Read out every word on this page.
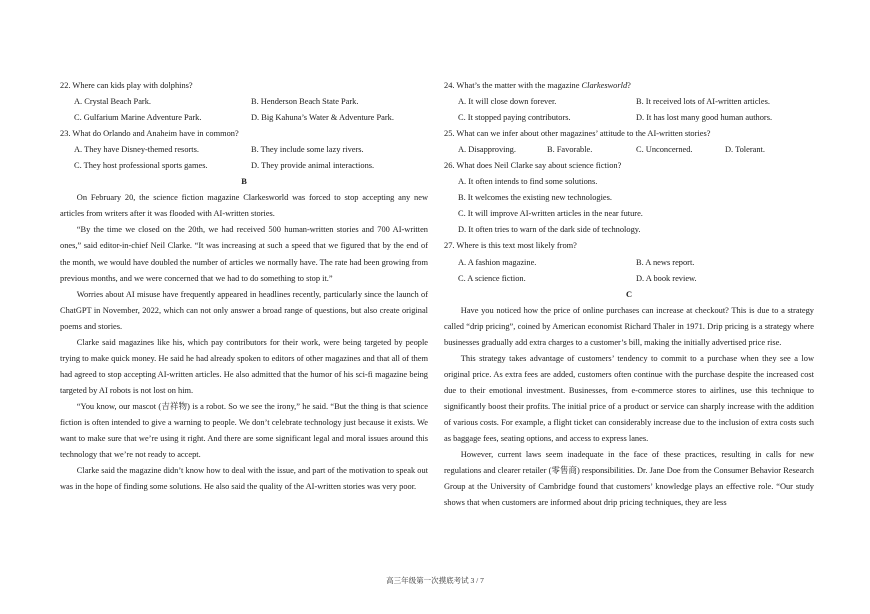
22. Where can kids play with dolphins?
A. Crystal Beach Park.	B. Henderson Beach State Park.
C. Gulfarium Marine Adventure Park.	D. Big Kahuna’s Water & Adventure Park.
23. What do Orlando and Anaheim have in common?
A. They have Disney-themed resorts.	B. They include some lazy rivers.
C. They host professional sports games.	D. They provide animal interactions.
B

On February 20, the science fiction magazine Clarkesworld was forced to stop accepting any new articles from writers after it was flooded with AI-written stories.

“By the time we closed on the 20th, we had received 500 human-written stories and 700 AI-written ones,” said editor-in-chief Neil Clarke. “It was increasing at such a speed that we figured that by the end of the month, we would have doubled the number of articles we normally have. The rate had been growing from previous months, and we were concerned that we had to do something to stop it.”

Worries about AI misuse have frequently appeared in headlines recently, particularly since the launch of ChatGPT in November, 2022, which can not only answer a broad range of questions, but also create original poems and stories.

Clarke said magazines like his, which pay contributors for their work, were being targeted by people trying to make quick money. He said he had already spoken to editors of other magazines and that all of them had agreed to stop accepting AI-written articles. He also admitted that the humor of his sci-fi magazine being targeted by AI robots is not lost on him.

“You know, our mascot (吉祥物) is a robot. So we see the irony,” he said. “But the thing is that science fiction is often intended to give a warning to people. We don’t celebrate technology just because it exists. We want to make sure that we’re using it right. And there are some significant legal and moral issues around this technology that we’re not ready to accept.

Clarke said the magazine didn’t know how to deal with the issue, and part of the motivation to speak out was in the hope of finding some solutions. He also said the quality of the AI-written stories was very poor.

24. What’s the matter with the magazine Clarkesworld?
A. It will close down forever.	B. It received lots of AI-written articles.
C. It stopped paying contributors.	D. It has lost many good human authors.
25. What can we infer about other magazines’ attitude to the AI-written stories?
A. Disapproving.	B. Favorable.	C. Unconcerned.	D. Tolerant.
26. What does Neil Clarke say about science fiction?
A. It often intends to find some solutions.
B. It welcomes the existing new technologies.
C. It will improve AI-written articles in the near future.
D. It often tries to warn of the dark side of technology.
27. Where is this text most likely from?
A. A fashion magazine.	B. A news report.
C. A science fiction.	D. A book review.
C

Have you noticed how the price of online purchases can increase at checkout? This is due to a strategy called “drip pricing”, coined by American economist Richard Thaler in 1971. Drip pricing is a strategy where businesses gradually add extra charges to a customer’s bill, making the initially advertised price rise.

This strategy takes advantage of customers’ tendency to commit to a purchase when they see a low original price. As extra fees are added, customers often continue with the purchase despite the increased cost due to their emotional investment. Businesses, from e-commerce stores to airlines, use this technique to significantly boost their profits. The initial price of a product or service can sharply increase with the addition of various costs. For example, a flight ticket can considerably increase due to the inclusion of extra costs such as baggage fees, seating options, and access to express lanes.

However, current laws seem inadequate in the face of these practices, resulting in calls for new regulations and clearer retailer (零售商) responsibilities. Dr. Jane Doe from the Consumer Behavior Research Group at the University of Cambridge found that customers’ knowledge plays an effective role. “Our study shows that when customers are informed about drip pricing techniques, they are less

高三年级第一次摸底考试 3 / 7
